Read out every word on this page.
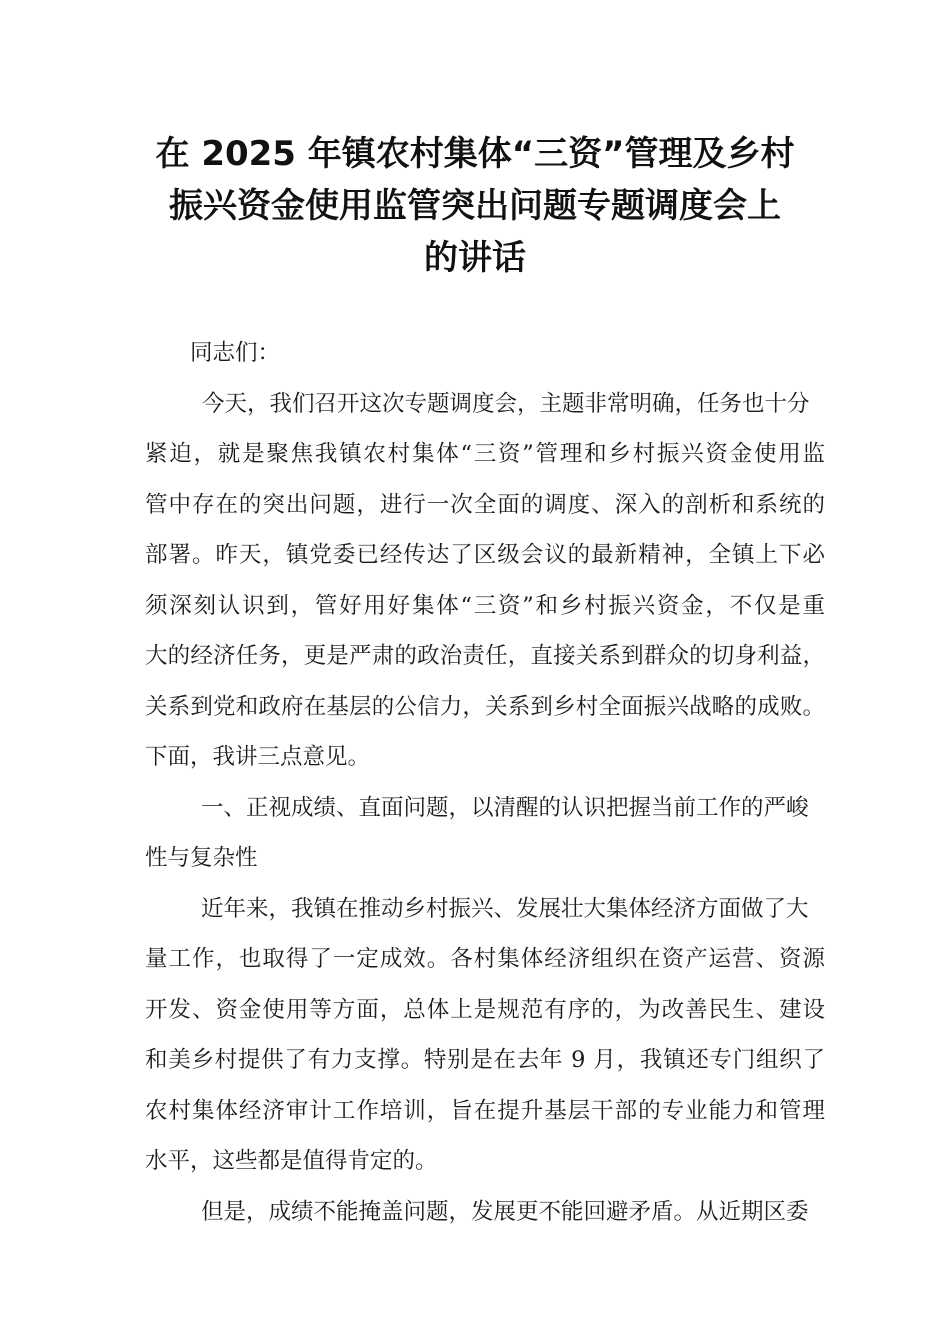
在 2025 年镇农村集体“三资”管理及乡村
振兴资金使用监管突出问题专题调度会上
的讲话
同志们：
今天，我们召开这次专题调度会，主题非常明确，任务也十分
紧迫，就是聚焦我镇农村集体“三资”管理和乡村振兴资金使用监
管中存在的突出问题，进行一次全面的调度、深入的剖析和系统的
部署。昨天，镇党委已经传达了区级会议的最新精神，全镇上下必
须深刻认识到，管好用好集体“三资”和乡村振兴资金，不仅是重
大的经济任务，更是严肃的政治责任，直接关系到群众的切身利益，
关系到党和政府在基层的公信力，关系到乡村全面振兴战略的成败。
下面，我讲三点意见。
一、正视成绩、直面问题，以清醒的认识把握当前工作的严峻
性与复杂性
近年来，我镇在推动乡村振兴、发展壮大集体经济方面做了大
量工作，也取得了一定成效。各村集体经济组织在资产运营、资源
开发、资金使用等方面，总体上是规范有序的，为改善民生、建设
和美乡村提供了有力支撑。特别是在去年 9 月，我镇还专门组织了
农村集体经济审计工作培训，旨在提升基层干部的专业能力和管理
水平，这些都是值得肯定的。
但是，成绩不能掩盖问题，发展更不能回避矛盾。从近期区委
